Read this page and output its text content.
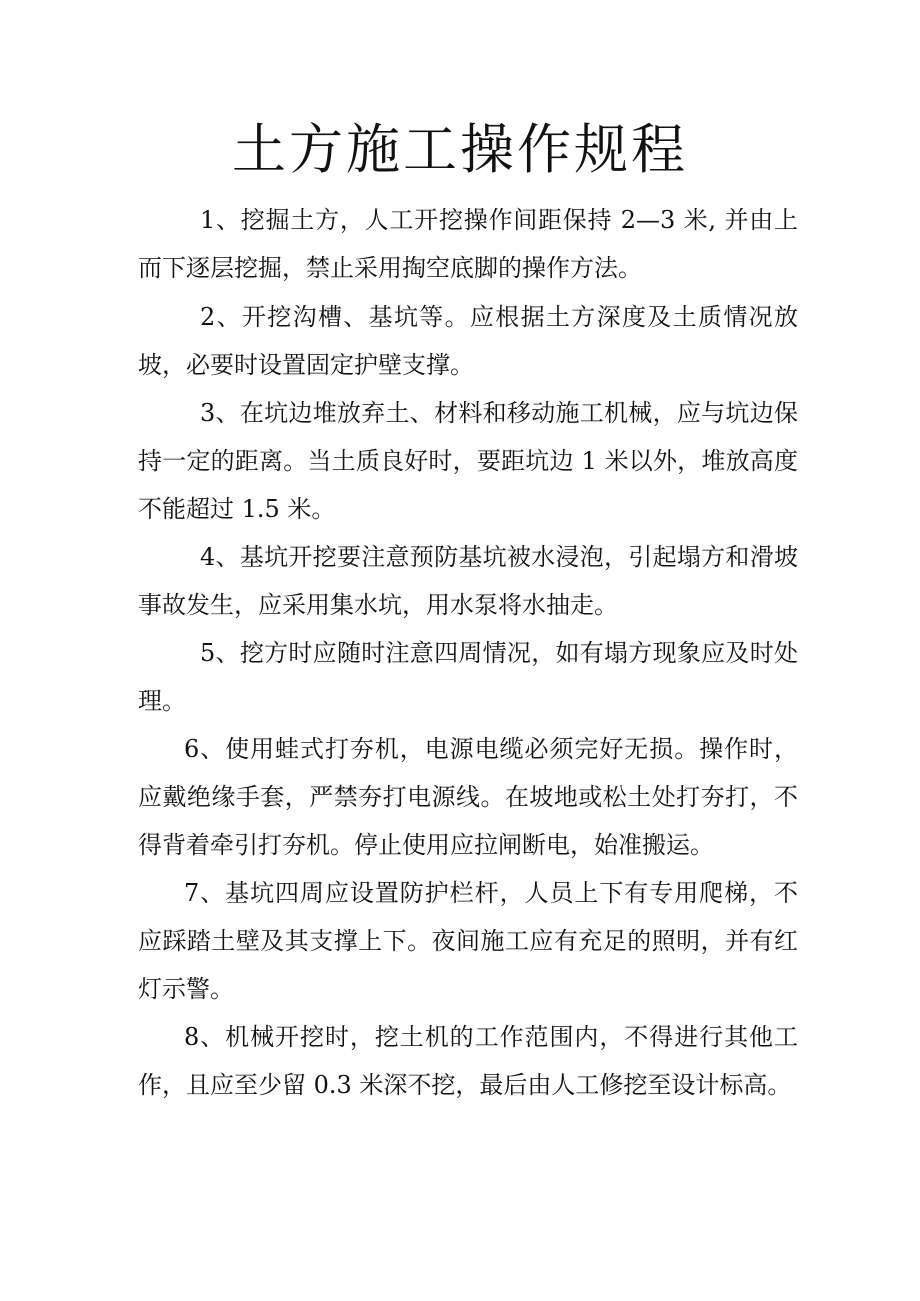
土方施工操作规程

1、挖掘土方，人工开挖操作间距保持 2—3 米, 并由上而下逐层挖掘，禁止采用掏空底脚的操作方法。

2、开挖沟槽、基坑等。应根据土方深度及土质情况放坡，必要时设置固定护壁支撑。

3、在坑边堆放弃土、材料和移动施工机械，应与坑边保持一定的距离。当土质良好时，要距坑边 1 米以外，堆放高度不能超过 1.5 米。

4、基坑开挖要注意预防基坑被水浸泡，引起塌方和滑坡事故发生，应采用集水坑，用水泵将水抽走。

5、挖方时应随时注意四周情况，如有塌方现象应及时处理。

6、使用蛙式打夯机，电源电缆必须完好无损。操作时，应戴绝缘手套，严禁夯打电源线。在坡地或松土处打夯打，不得背着牵引打夯机。停止使用应拉闸断电，始准搬运。

7、基坑四周应设置防护栏杆，人员上下有专用爬梯，不应踩踏土壁及其支撑上下。夜间施工应有充足的照明，并有红灯示警。

8、机械开挖时，挖土机的工作范围内，不得进行其他工作，且应至少留 0.3 米深不挖，最后由人工修挖至设计标高。
